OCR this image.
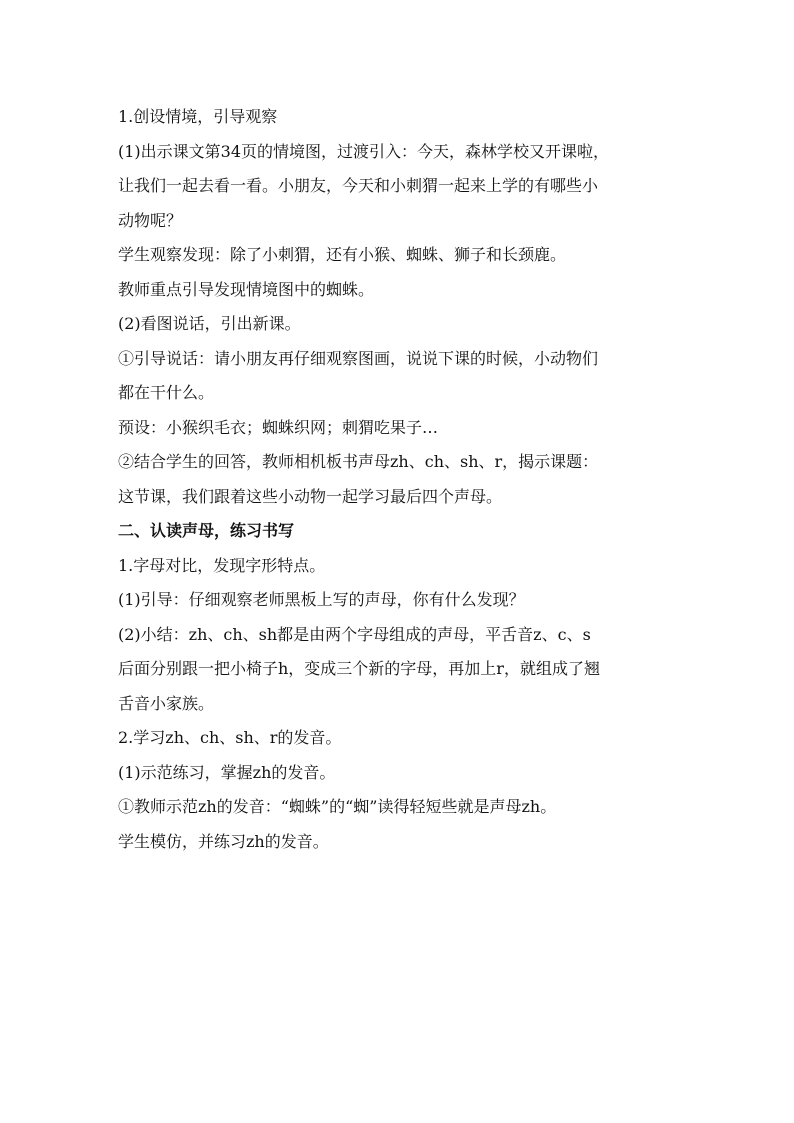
1.创设情境，引导观察
(1)出示课文第34页的情境图，过渡引入：今天，森林学校又开课啦，
让我们一起去看一看。小朋友，今天和小刺猬一起来上学的有哪些小
动物呢？
学生观察发现：除了小刺猬，还有小猴、蜘蛛、狮子和长颈鹿。
教师重点引导发现情境图中的蜘蛛。
(2)看图说话，引出新课。
①引导说话：请小朋友再仔细观察图画，说说下课的时候，小动物们
都在干什么。
预设：小猴织毛衣；蜘蛛织网；刺猬吃果子…
②结合学生的回答，教师相机板书声母zh、ch、sh、r，揭示课题：
这节课，我们跟着这些小动物一起学习最后四个声母。
二、认读声母，练习书写
1.字母对比，发现字形特点。
(1)引导：仔细观察老师黑板上写的声母，你有什么发现？
(2)小结：zh、ch、sh都是由两个字母组成的声母，平舌音z、c、s
后面分别跟一把小椅子h，变成三个新的字母，再加上r，就组成了翘
舌音小家族。
2.学习zh、ch、sh、r的发音。
(1)示范练习，掌握zh的发音。
①教师示范zh的发音：“蜘蛛”的“蜘”读得轻短些就是声母zh。
学生模仿，并练习zh的发音。
